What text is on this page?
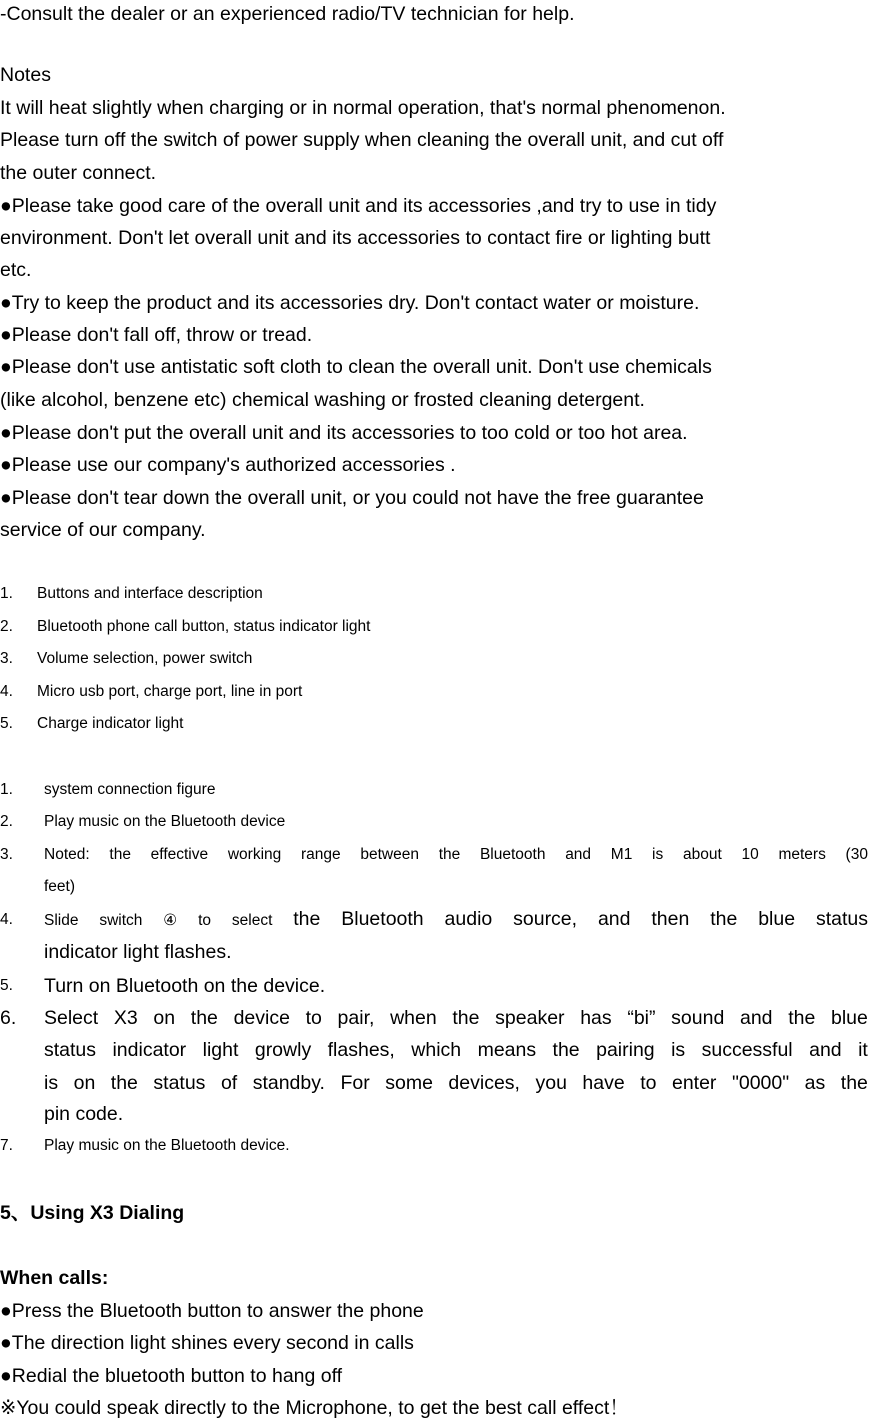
-Consult the dealer or an experienced radio/TV technician for help.
Notes
It will heat slightly when charging or in normal operation, that's normal phenomenon.
Please turn off the switch of power supply when cleaning the overall unit, and cut off
the outer connect.
●Please take good care of the overall unit and its accessories ,and try to use in tidy
environment. Don't let overall unit and its accessories to contact fire or lighting butt
etc.
●Try to keep the product and its accessories dry. Don't contact water or moisture.
●Please don't fall off, throw or tread.
●Please don't use antistatic soft cloth to clean the overall unit. Don't use chemicals
(like alcohol, benzene etc) chemical washing or frosted cleaning detergent.
●Please don't put the overall unit and its accessories to too cold or too hot area.
●Please use our company's authorized accessories .
●Please don't tear down the overall unit, or you could not have the free guarantee
service of our company.
1. Buttons and interface description
2. Bluetooth phone call button, status indicator light
3. Volume selection, power switch
4. Micro usb port, charge port, line in port
5. Charge indicator light
1. system connection figure
2. Play music on the Bluetooth device
3. Noted: the effective working range between the Bluetooth and M1 is about 10 meters (30
feet)
4. Slide switch ④ to select the Bluetooth audio source, and then the blue status
indicator light flashes.
5. Turn on Bluetooth on the device.
6. Select X3 on the device to pair, when the speaker has “bi” sound and the blue
status indicator light growly flashes, which means the pairing is successful and it
is on the status of standby. For some devices, you have to enter "0000" as the
pin code.
7. Play music on the Bluetooth device.
5、Using X3 Dialing
When calls:
●Press the Bluetooth button to answer the phone
●The direction light shines every second in calls
●Redial the bluetooth button to hang off
※You could speak directly to the Microphone, to get the best call effect！
